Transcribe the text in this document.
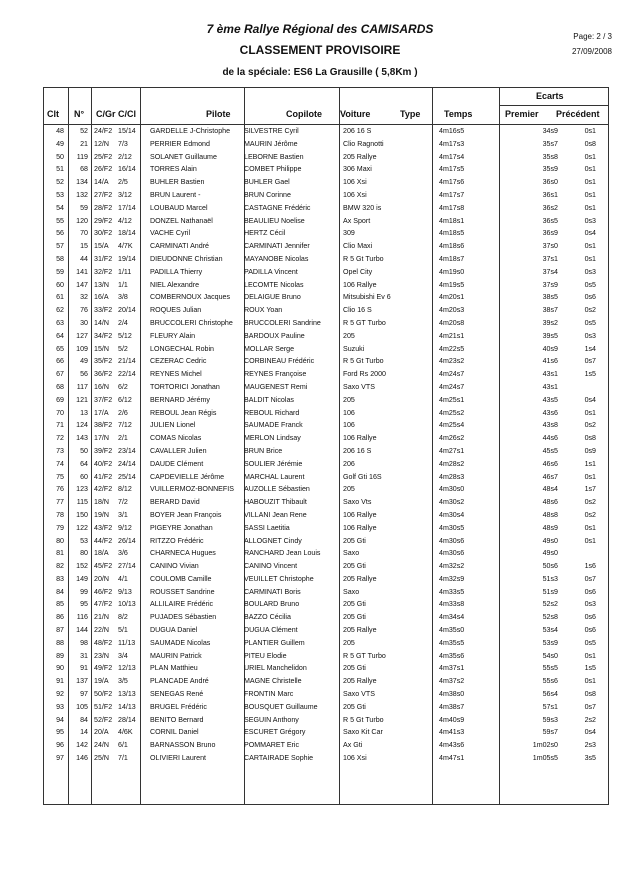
7 ème Rallye Régional des CAMISARDS
CLASSEMENT PROVISOIRE
de la spéciale: ES6 La Grausille ( 5,8Km )
Page: 2 / 3
27/09/2008
Clt N° C/Gr C/Cl	Pilote	Copilote Voiture	Type	Temps
Ecarts
Premier Précédent
48	52 24/F2 15/14	GARDELLE J-Christophe	SILVESTRE Cyril	206 16 S	4m16s5	34s9	0s1
49	21 12/N	7/3	PERRIER Edmond	MAURIN Jérôme	Clio Ragnotti	4m17s3	35s7	0s8
50	119 25/F2 2/12	SOLANET Guillaume	LEBORNE Bastien	205 Rallye	4m17s4	35s8	0s1
51	68 26/F2 16/14	TORRES Alain	COMBET Philippe	306 Maxi	4m17s5	35s9	0s1
52	134 14/A	2/5	BUHLER Bastien	BUHLER Gael	106 Xsi	4m17s6	36s0	0s1
53	132 27/F2 3/12	BRUN Laurent -	BRUN Corinne	106 Xsi	4m17s7	36s1	0s1
54	59 28/F2 17/14	LOUBAUD Marcel	CASTAGNE Frédéric	BMW 320 is	4m17s8	36s2	0s1
55	120 29/F2 4/12	DONZEL Nathanaël	BEAULIEU Noelise	Ax Sport	4m18s1	36s5	0s3
56	70 30/F2 18/14	VACHE Cyril	HERTZ Cécil	309	4m18s5	36s9	0s4
57	15 15/A	4/7K	CARMINATI André	CARMINATI Jennifer	Clio Maxi	4m18s6	37s0	0s1
58	44 31/F2 19/14	DIEUDONNE Christian	MAYANOBE Nicolas	R 5 Gt Turbo	4m18s7	37s1	0s1
59	141 32/F2 1/11	PADILLA Thierry	PADILLA Vincent	Opel City	4m19s0	37s4	0s3
60	147 13/N	1/1	NIEL Alexandre	LECOMTE Nicolas	106 Rallye	4m19s5	37s9	0s5
61	32 16/A	3/8	COMBERNOUX Jacques	DELAIGUE Bruno	Mitsubishi Ev 6	4m20s1	38s5	0s6
62	76 33/F2 20/14	ROQUES Julian	ROUX Yoan	Clio 16 S	4m20s3	38s7	0s2
63	30 14/N	2/4	BRUCCOLERI Christophe	BRUCCOLERI Sandrine	R 5 GT Turbo	4m20s8	39s2	0s5
64	127 34/F2 5/12	FLEURY Alain	BARDOUX Pauline	205	4m21s1	39s5	0s3
65	109 15/N	5/2	LONGECHAL Robin	MOLLAR Serge	Suzuki	4m22s5	40s9	1s4
66	49 35/F2 21/14	CEZERAC Cedric	CORBINEAU Frédéric	R 5 Gt Turbo	4m23s2	41s6	0s7
67	56 36/F2 22/14	REYNES Michel	REYNES Françoise	Ford Rs 2000	4m24s7	43s1	1s5
68	117 16/N	6/2	TORTORICI Jonathan	MAUGENEST Remi	Saxo VTS	4m24s7	43s1
69	121 37/F2 6/12	BERNARD Jérémy	BALDIT Nicolas	205	4m25s1	43s5	0s4
70	13 17/A	2/6	REBOUL Jean Régis	REBOUL Richard	106	4m25s2	43s6	0s1
71	124 38/F2 7/12	JULIEN Lionel	SAUMADE Franck	106	4m25s4	43s8	0s2
72	143 17/N	2/1	COMAS Nicolas	MERLON Lindsay	106 Rallye	4m26s2	44s6	0s8
73	50 39/F2 23/14	CAVALLER Julien	BRUN Brice	206 16 S	4m27s1	45s5	0s9
74	64 40/F2 24/14	DAUDE Clément	SOULIER Jérémie	206	4m28s2	46s6	1s1
75	60 41/F2 25/14	CAPDEVIELLE Jérôme	MARCHAL Laurent	Golf Gti 16S	4m28s3	46s7	0s1
76	123 42/F2 8/12	VUILLERMOZ-BONNEFIS	AUZOLLE Sébastien	205	4m30s0	48s4	1s7
77	115 18/N	7/2	BERARD David	HABOUZIT Thibault	Saxo Vts	4m30s2	48s6	0s2
78	150 19/N	3/1	BOYER Jean François	VILLANI Jean Rene	106 Rallye	4m30s4	48s8	0s2
79	122 43/F2 9/12	PIGEYRE Jonathan	SASSI Laetitia	106 Rallye	4m30s5	48s9	0s1
80	53 44/F2 26/14	RITZZO Frédéric	ALLOGNET Cindy	205 Gti	4m30s6	49s0	0s1
81	80 18/A	3/6	CHARNECA Hugues	RANCHARD Jean Louis	Saxo	4m30s6	49s0
82	152 45/F2 27/14	CANINO Vivian	CANINO Vincent	205 Gti	4m32s2	50s6	1s6
83	149 20/N	4/1	COULOMB Camille	VEUILLET Christophe	205 Rallye	4m32s9	51s3	0s7
84	99 46/F2 9/13	ROUSSET Sandrine	CARMINATI Boris	Saxo	4m33s5	51s9	0s6
85	95 47/F2 10/13	ALLILAIRE Frédéric	BOULARD Bruno	205 Gti	4m33s8	52s2	0s3
86	116 21/N	8/2	PUJADES Sébastien	BAZZO Cécilia	205 Gti	4m34s4	52s8	0s6
87	144 22/N	5/1	DUGUA Daniel	DUGUA Clément	205 Rallye	4m35s0	53s4	0s6
88	98 48/F2 11/13	SAUMADE Nicolas	PLANTIER Guillem	205	4m35s5	53s9	0s5
89	31 23/N	3/4	MAURIN Patrick	PITEU Elodie	R 5 GT Turbo	4m35s6	54s0	0s1
90	91 49/F2 12/13	PLAN Matthieu	URIEL Manchelidon	205 Gti	4m37s1	55s5	1s5
91	137 19/A	3/5	PLANCADE André	MAGNE Christelle	205 Rallye	4m37s2	55s6	0s1
92	97 50/F2 13/13	SENEGAS René	FRONTIN Marc	Saxo VTS	4m38s0	56s4	0s8
93	105 51/F2 14/13	BRUGEL Frédéric	BOUSQUET Guillaume	205 Gti	4m38s7	57s1	0s7
94	84 52/F2 28/14	BENITO Bernard	SEGUIN Anthony	R 5 Gt Turbo	4m40s9	59s3	2s2
95	14 20/A	4/6K	CORNIL Daniel	ESCURET Grégory	Saxo Kit Car	4m41s3	59s7	0s4
96	142 24/N	6/1	BARNASSON Bruno	POMMARET Eric	Ax Gti	4m43s6	1m02s0	2s3
97	146 25/N	7/1	OLIVIERI Laurent	CARTAIRADE Sophie	106 Xsi	4m47s1	1m05s5	3s5
